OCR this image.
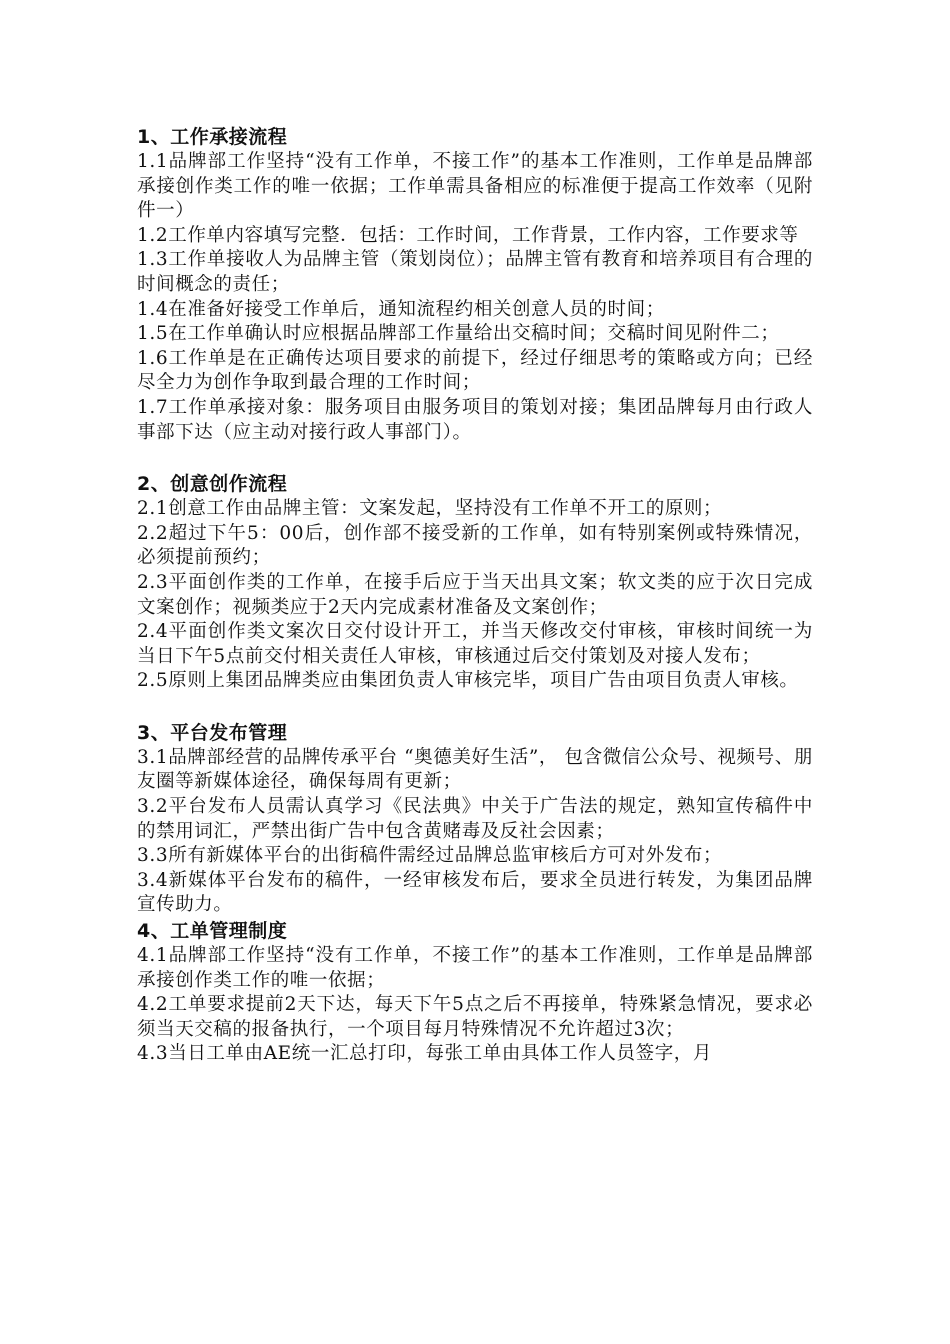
1、工作承接流程

1.1品牌部工作坚持“没有工作单，不接工作”的基本工作准则，工作单是品牌部承接创作类工作的唯一依据；工作单需具备相应的标准便于提高工作效率（见附件一）

1.2工作单内容填写完整．包括：工作时间，工作背景，工作内容，工作要求等

1.3工作单接收人为品牌主管（策划岗位）；品牌主管有教育和培养项目有合理的时间概念的责任；

1.4在准备好接受工作单后，通知流程约相关创意人员的时间；

1.5在工作单确认时应根据品牌部工作量给出交稿时间；交稿时间见附件二；

1.6工作单是在正确传达项目要求的前提下，经过仔细思考的策略或方向；已经尽全力为创作争取到最合理的工作时间；

1.7工作单承接对象：服务项目由服务项目的策划对接；集团品牌每月由行政人事部下达（应主动对接行政人事部门）。

2、创意创作流程

2.1创意工作由品牌主管：文案发起，坚持没有工作单不开工的原则；

2.2超过下午5：00后，创作部不接受新的工作单，如有特别案例或特殊情况，必须提前预约；

2.3平面创作类的工作单，在接手后应于当天出具文案；软文类的应于次日完成文案创作；视频类应于2天内完成素材准备及文案创作；

2.4平面创作类文案次日交付设计开工，并当天修改交付审核，审核时间统一为当日下午5点前交付相关责任人审核，审核通过后交付策划及对接人发布；

2.5原则上集团品牌类应由集团负责人审核完毕，项目广告由项目负责人审核。

3、平台发布管理

3.1品牌部经营的品牌传承平台 “奥德美好生活”， 包含微信公众号、视频号、朋友圈等新媒体途径，确保每周有更新；

3.2平台发布人员需认真学习《民法典》中关于广告法的规定，熟知宣传稿件中的禁用词汇，严禁出街广告中包含黄赌毒及反社会因素；

3.3所有新媒体平台的出街稿件需经过品牌总监审核后方可对外发布；

3.4新媒体平台发布的稿件，一经审核发布后，要求全员进行转发，为集团品牌宣传助力。

4、工单管理制度

4.1品牌部工作坚持“没有工作单，不接工作”的基本工作准则，工作单是品牌部承接创作类工作的唯一依据；

4.2工单要求提前2天下达，每天下午5点之后不再接单，特殊紧急情况，要求必须当天交稿的报备执行，一个项目每月特殊情况不允许超过3次；

4.3当日工单由AE统一汇总打印，每张工单由具体工作人员签字，月
